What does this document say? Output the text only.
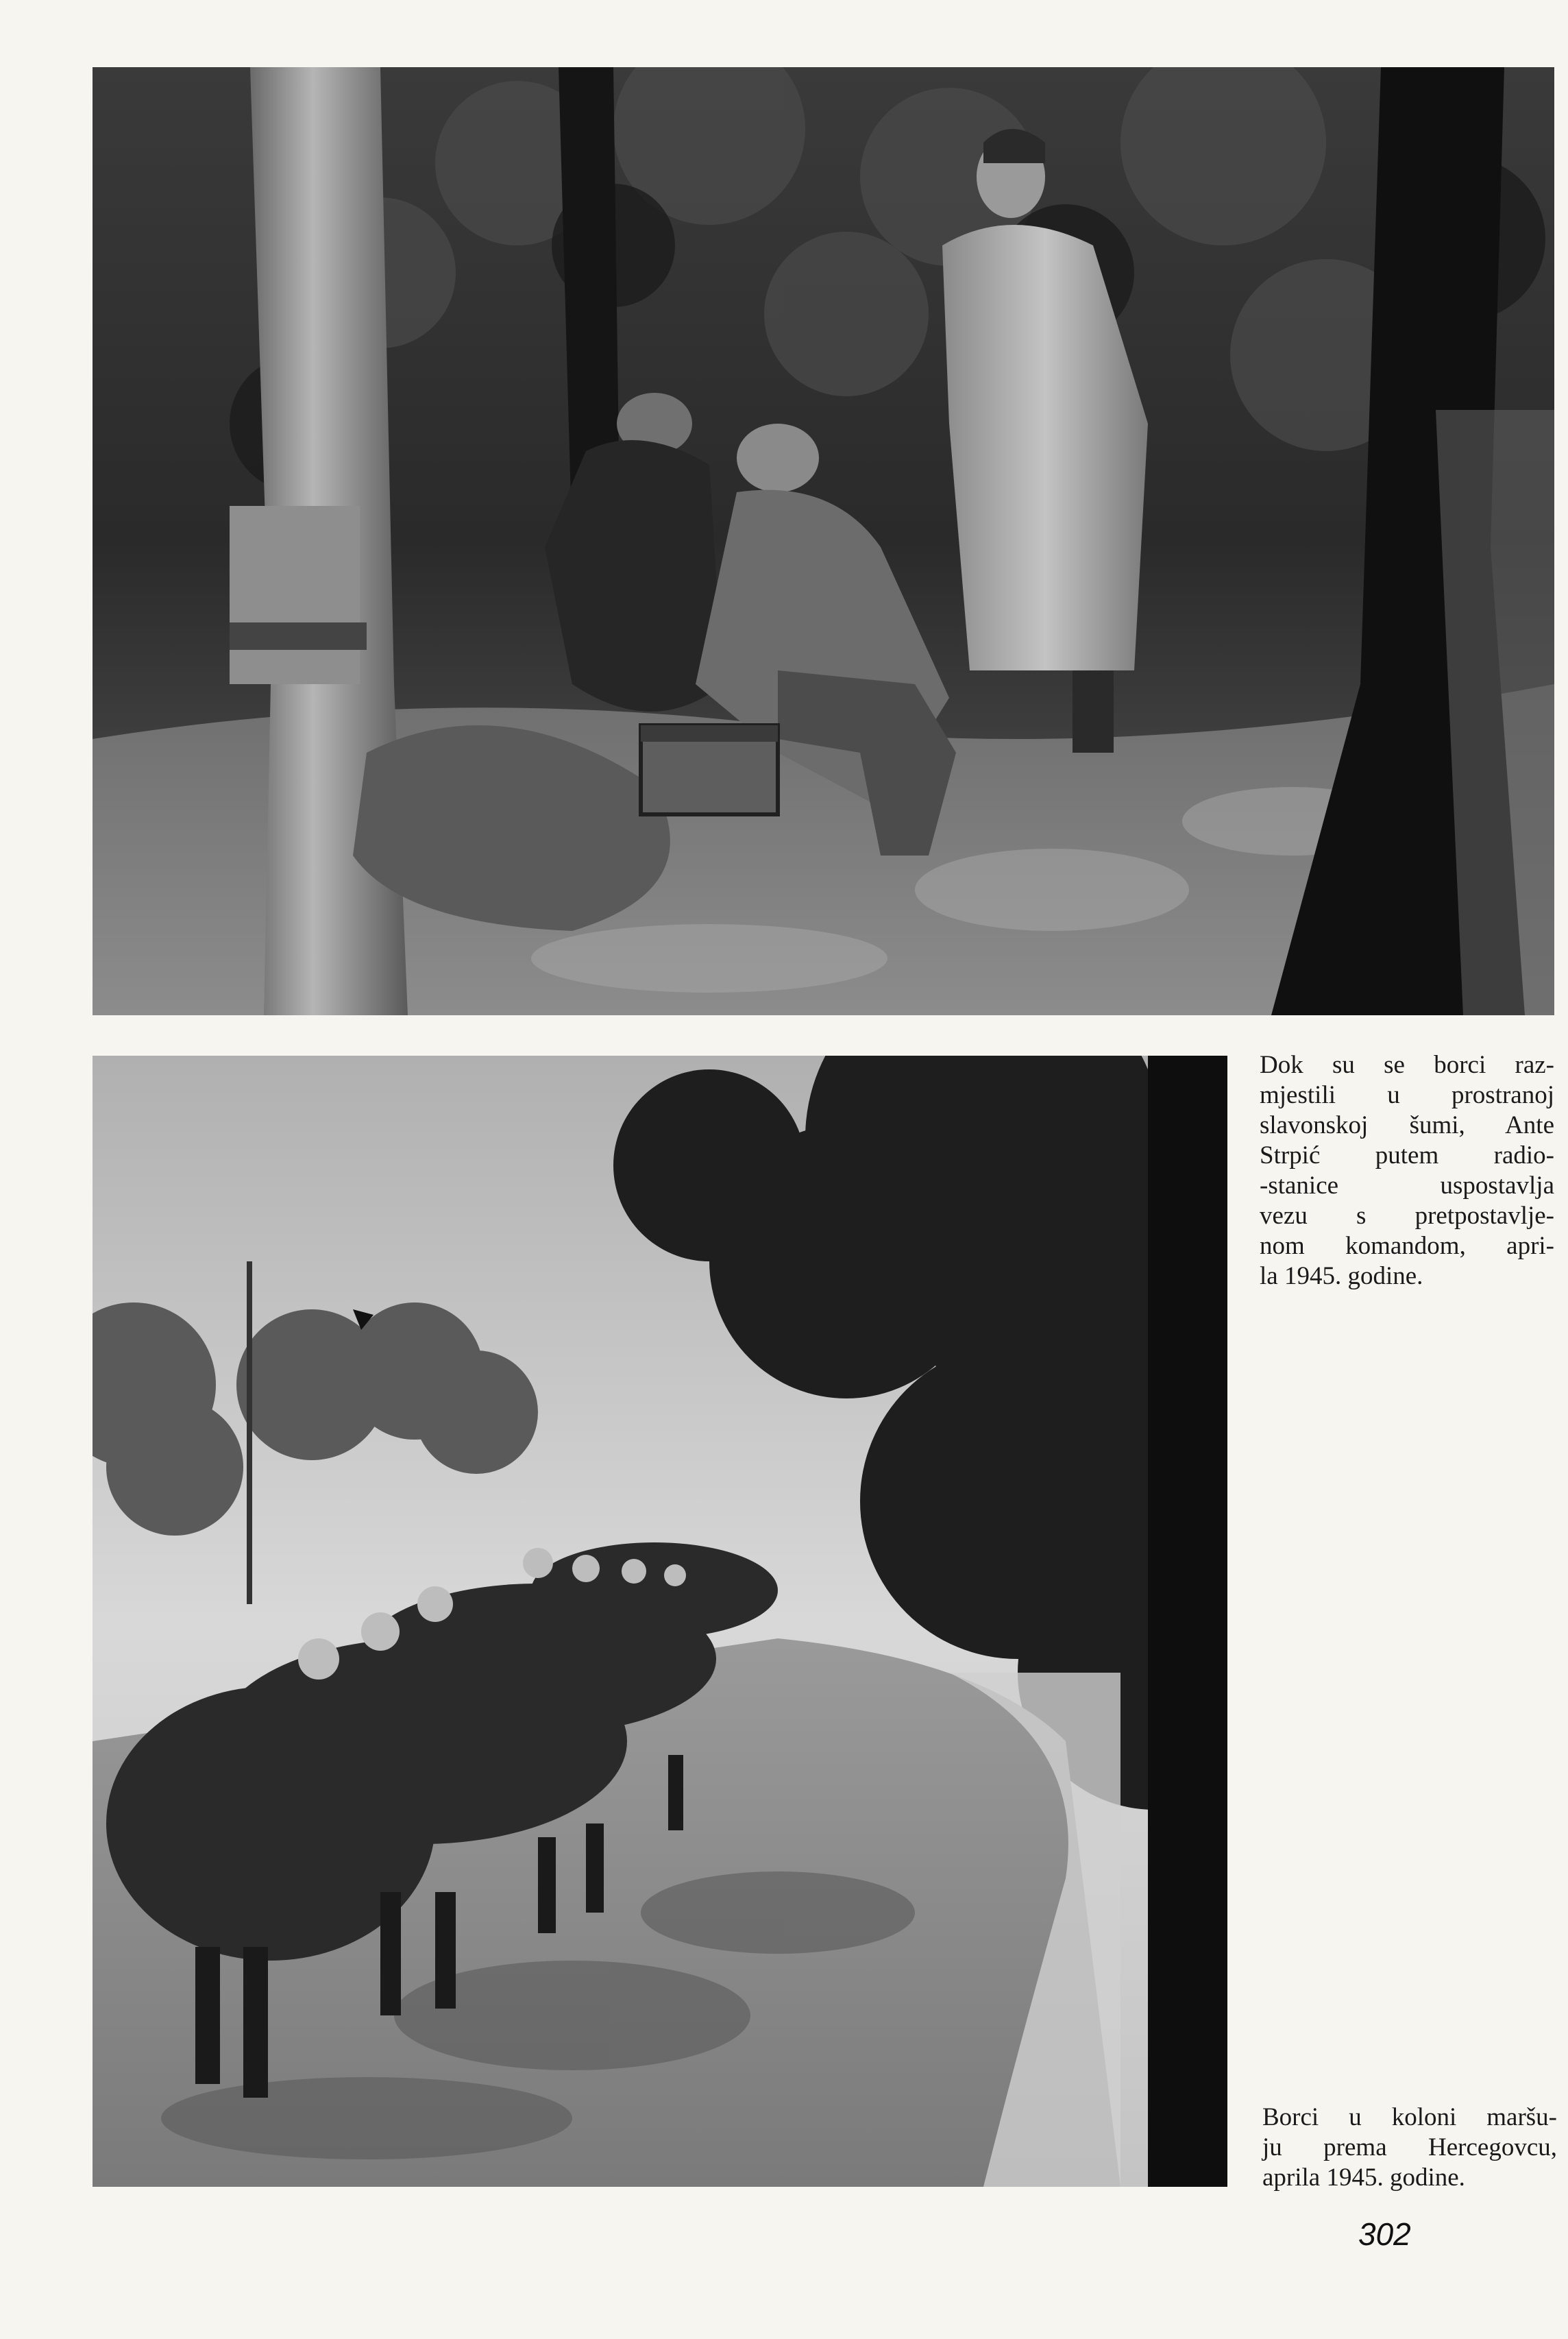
Dok su se borci raz-
mjestili u prostranoj
slavonskoj šumi, Ante
Strpić putem radio-
-stanice uspostavlja
vezu s pretpostavlje-
nom komandom, apri-
la 1945. godine.

Borci u koloni maršu-
ju prema Hercegovcu,
aprila 1945. godine.

302
